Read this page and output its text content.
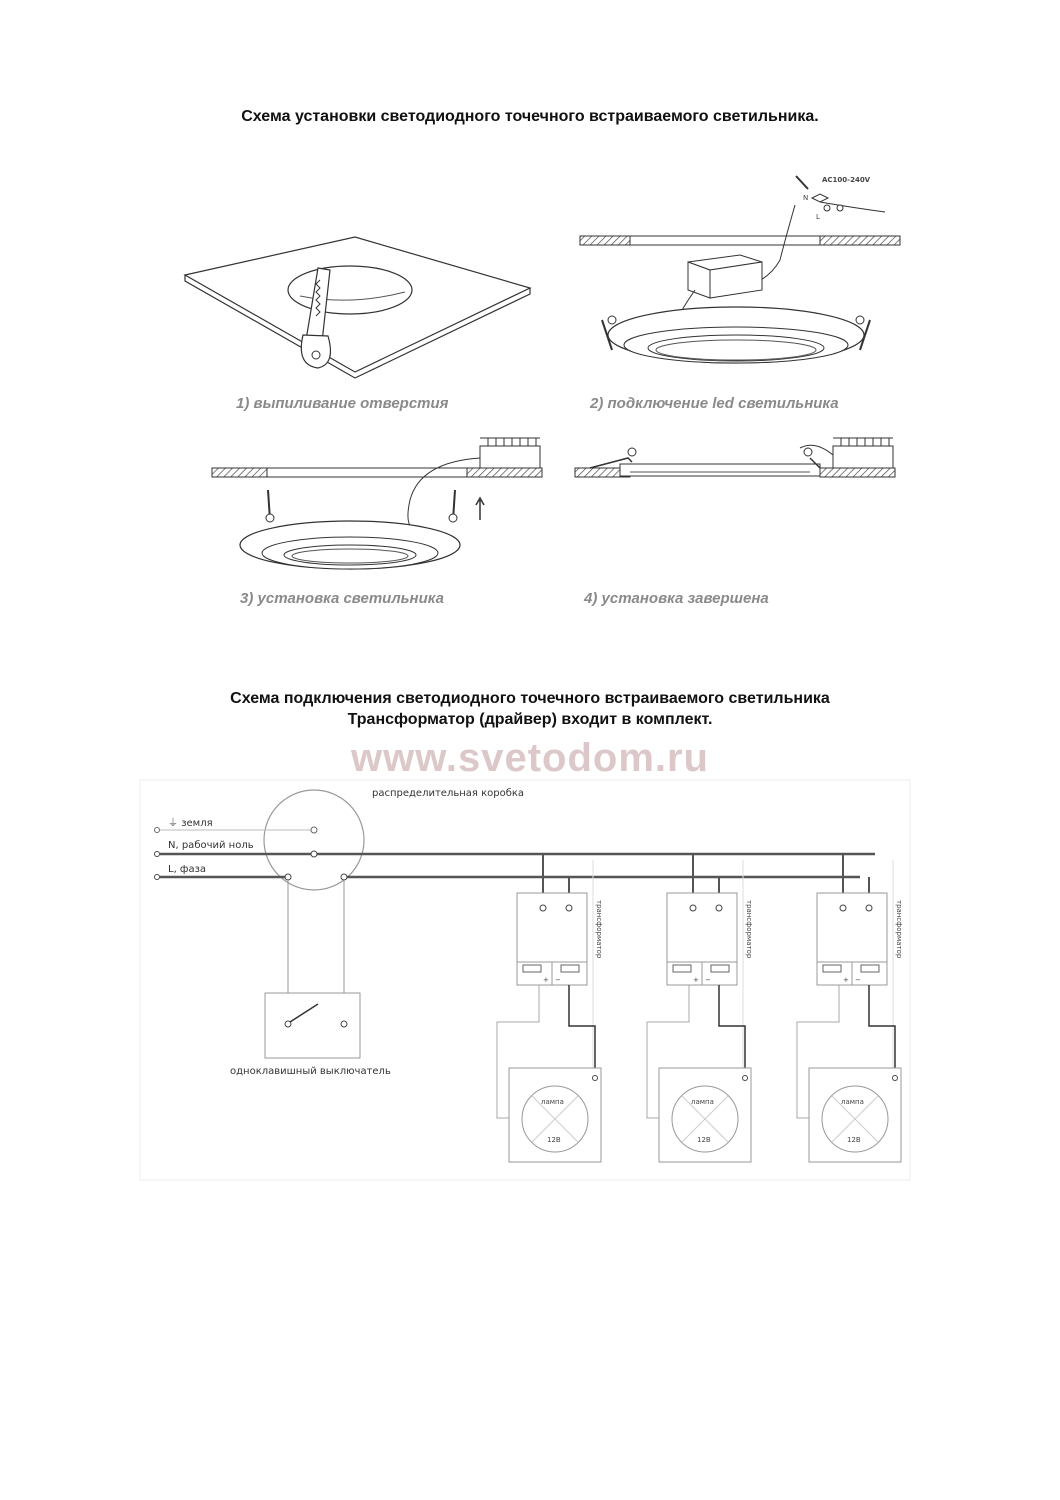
Схема установки светодиодного точечного встраиваемого светильника.
AC100-240V
N
L
1) выпиливание отверстия	2) подключение led светильника
3) установка светильника	4) установка завершена
Схема подключения светодиодного точечного встраиваемого светильника
Трансформатор (драйвер) входит в комплект.
www.svetodom.ru
распределительная коробка
⏚ земля
N, рабочий ноль
L, фаза
одноклавишный выключатель
+ −
трансформатор
лампа
12В
+ −
трансформатор
лампа
12В
+ −
трансформатор
лампа
12В
